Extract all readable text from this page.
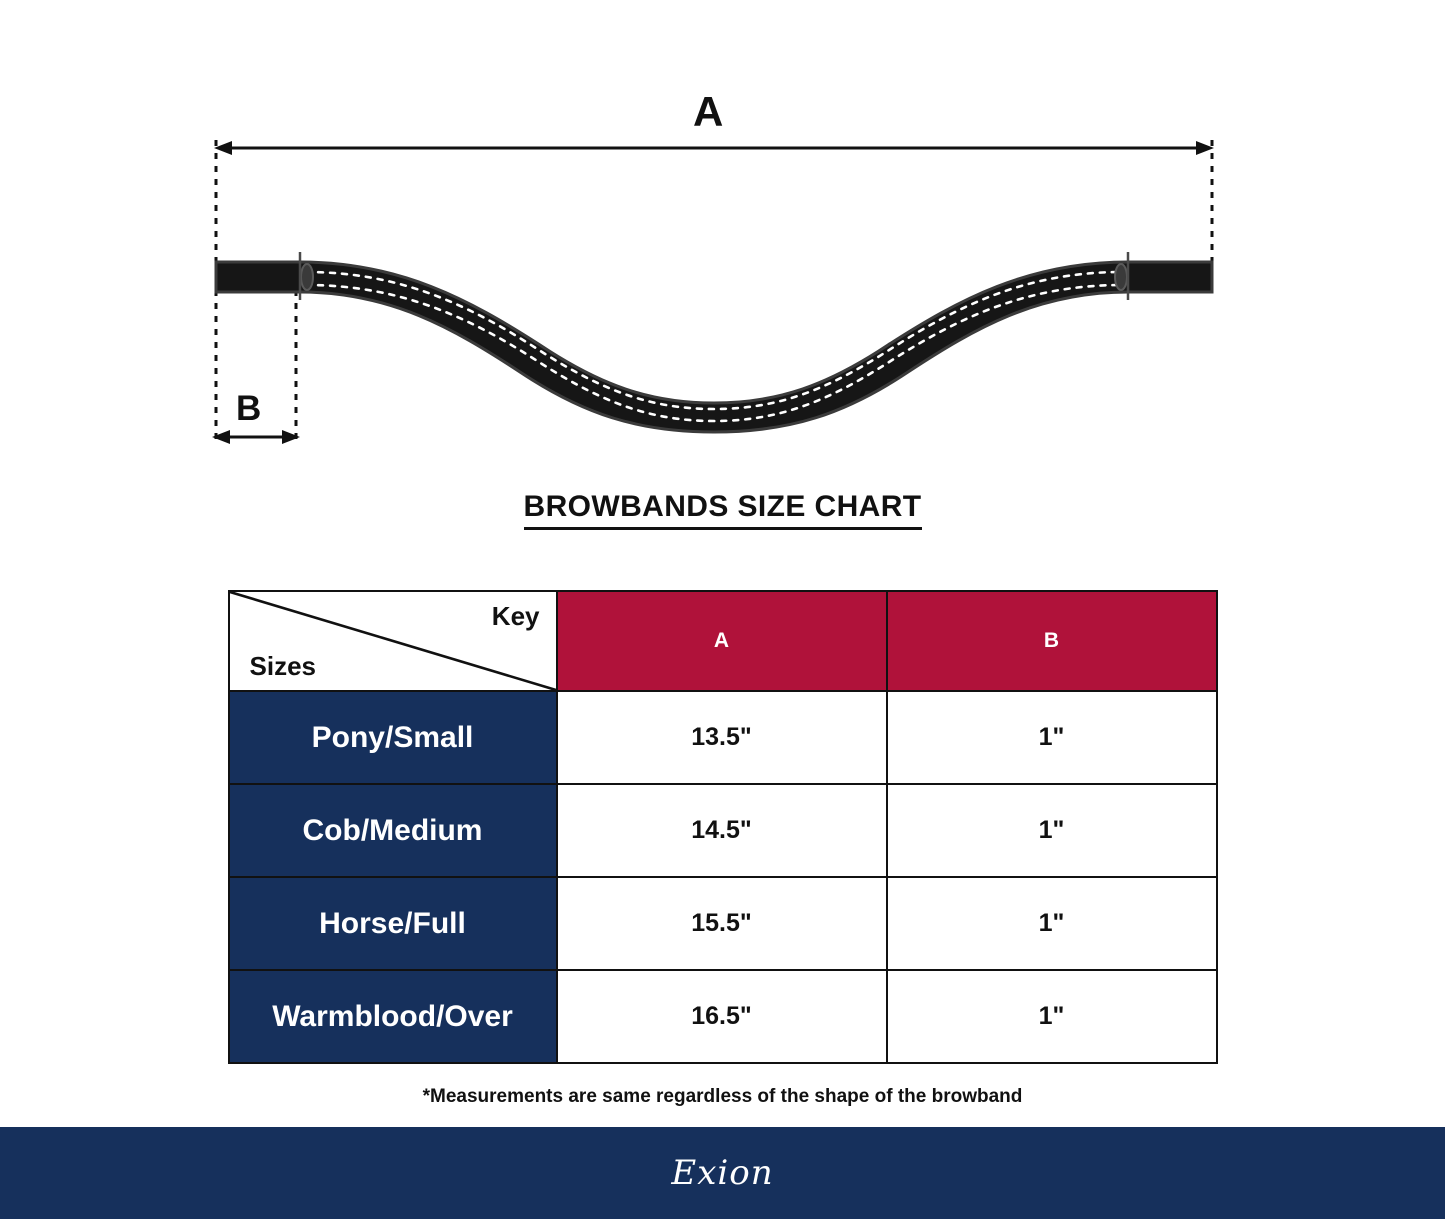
A
B
BROWBANDS SIZE CHART
Key
Sizes	A	B
Pony/Small	13.5"	1"
Cob/Medium	14.5"	1"
Horse/Full	15.5"	1"
Warmblood/Over	16.5"	1"
*Measurements are same regardless of the shape of the browband
Exion
